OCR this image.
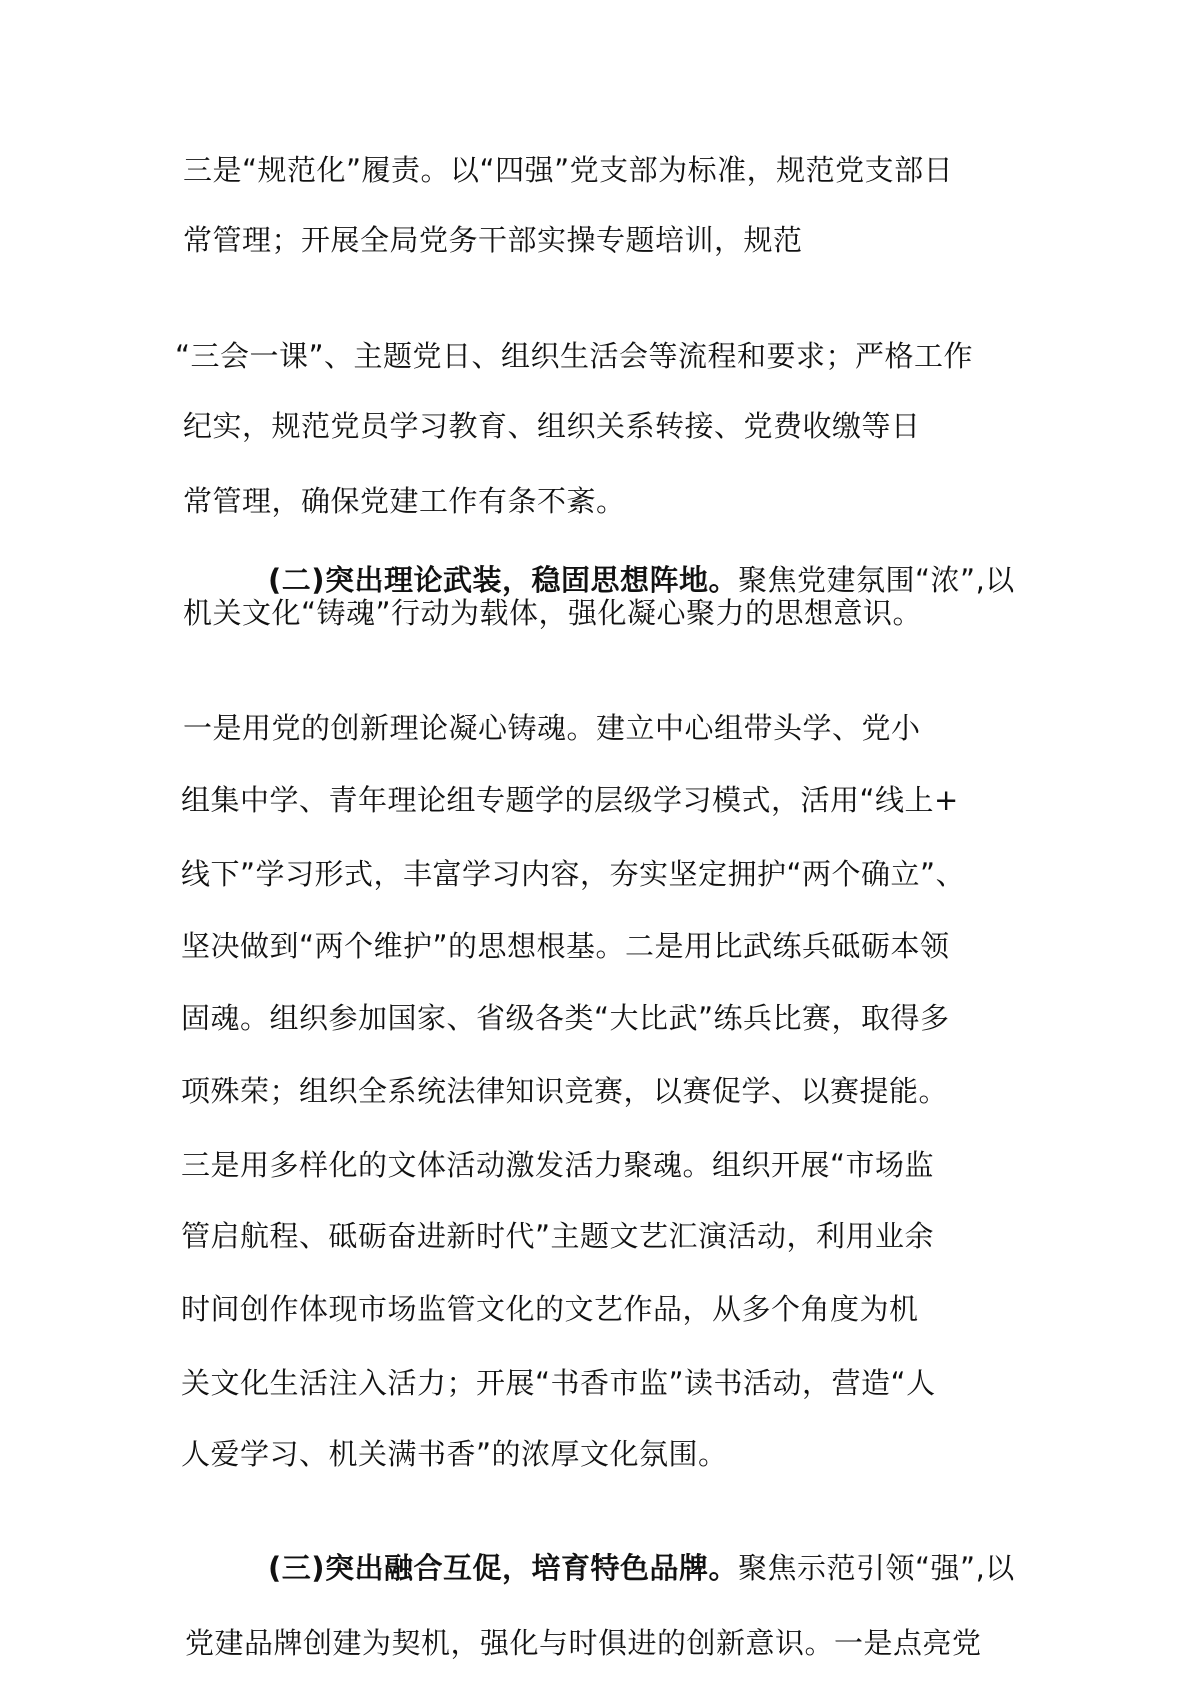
三是“规范化”履责。以“四强”党支部为标准，规范党支部日
常管理；开展全局党务干部实操专题培训，规范
“三会一课”、主题党日、组织生活会等流程和要求；严格工作
纪实，规范党员学习教育、组织关系转接、党费收缴等日
常管理，确保党建工作有条不紊。
(二)突出理论武装，稳固思想阵地。聚焦党建氛围“浓”,以
机关文化“铸魂”行动为载体，强化凝心聚力的思想意识。
一是用党的创新理论凝心铸魂。建立中心组带头学、党小
组集中学、青年理论组专题学的层级学习模式，活用“线上+
线下”学习形式，丰富学习内容，夯实坚定拥护“两个确立”、
坚决做到“两个维护”的思想根基。二是用比武练兵砥砺本领
固魂。组织参加国家、省级各类“大比武”练兵比赛，取得多
项殊荣；组织全系统法律知识竞赛，以赛促学、以赛提能。
三是用多样化的文体活动激发活力聚魂。组织开展“市场监
管启航程、砥砺奋进新时代”主题文艺汇演活动，利用业余
时间创作体现市场监管文化的文艺作品，从多个角度为机
关文化生活注入活力；开展“书香市监”读书活动，营造“人
人爱学习、机关满书香”的浓厚文化氛围。
(三)突出融合互促，培育特色品牌。聚焦示范引领“强”,以
党建品牌创建为契机，强化与时俱进的创新意识。一是点亮党
